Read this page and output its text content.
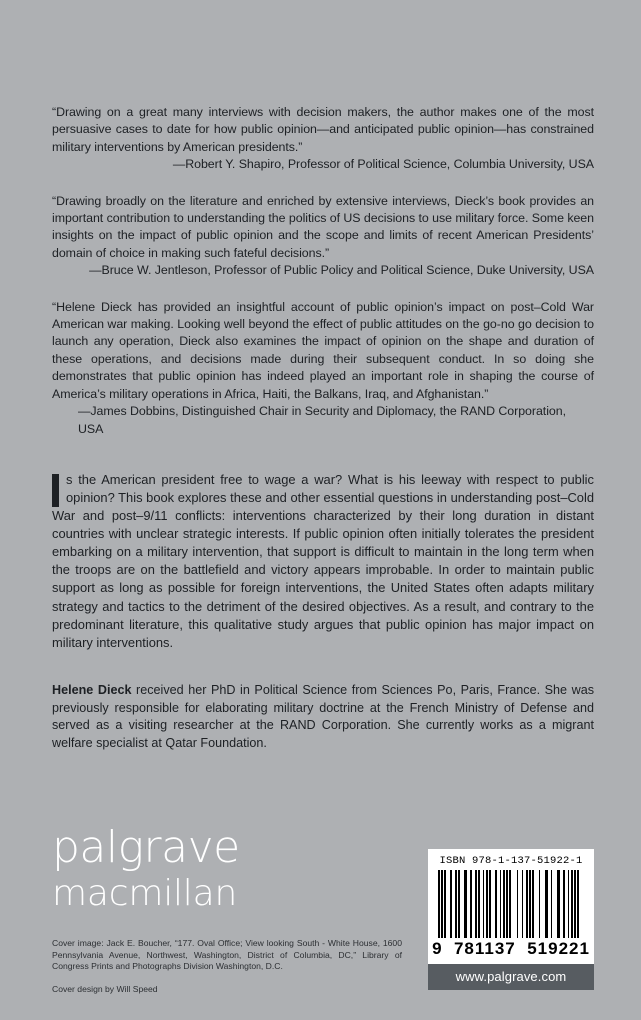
“Drawing on a great many interviews with decision makers, the author makes one of the most persuasive cases to date for how public opinion—and anticipated public opinion—has constrained military interventions by American presidents.”
—Robert Y. Shapiro, Professor of Political Science, Columbia University, USA

“Drawing broadly on the literature and enriched by extensive interviews, Dieck’s book provides an important contribution to understanding the politics of US decisions to use military force. Some keen insights on the impact of public opinion and the scope and limits of recent American Presidents’ domain of choice in making such fateful decisions.”
—Bruce W. Jentleson, Professor of Public Policy and Political Science, Duke University, USA

“Helene Dieck has provided an insightful account of public opinion’s impact on post–Cold War American war making. Looking well beyond the effect of public attitudes on the go-no go decision to launch any operation, Dieck also examines the impact of opinion on the shape and duration of these operations, and decisions made during their subsequent conduct. In so doing she demonstrates that public opinion has indeed played an important role in shaping the course of America’s military operations in Africa, Haiti, the Balkans, Iraq, and Afghanistan.”
—James Dobbins, Distinguished Chair in Security and Diplomacy, the RAND Corporation, USA

s the American president free to wage a war? What is his leeway with respect to public opinion? This book explores these and other essential questions in understanding post–Cold War and post–9/11 conflicts: interventions characterized by their long duration in distant countries with unclear strategic interests. If public opinion often initially tolerates the president embarking on a military intervention, that support is difficult to maintain in the long term when the troops are on the battlefield and victory appears improbable. In order to maintain public support as long as possible for foreign interventions, the United States often adapts military strategy and tactics to the detriment of the desired objectives. As a result, and contrary to the predominant literature, this qualitative study argues that public opinion has major impact on military interventions.

Helene Dieck received her PhD in Political Science from Sciences Po, Paris, France. She was previously responsible for elaborating military doctrine at the French Ministry of Defense and served as a visiting researcher at the RAND Corporation. She currently works as a migrant welfare specialist at Qatar Foundation.

palgrave
macmillan
Cover image: Jack E. Boucher, “177. Oval Office; View looking South - White House, 1600 Pennsylvania Avenue, Northwest, Washington, District of Columbia, DC,” Library of Congress Prints and Photographs Division Washington, D.C.
Cover design by Will Speed
ISBN 978-1-137-51922-1
9  781137  519221
www.palgrave.com
